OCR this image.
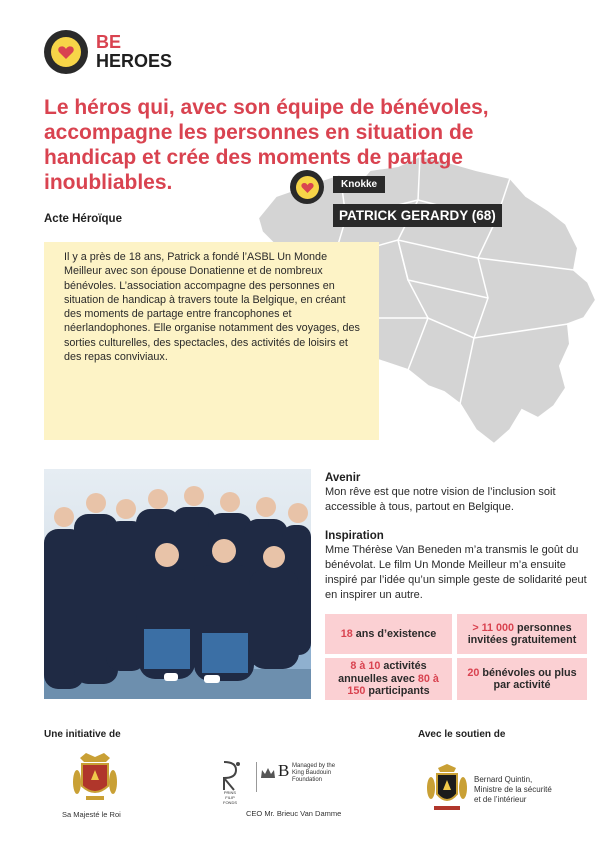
BE
HEROES
Le héros qui, avec son équipe de bénévoles, accompagne les personnes en situation de handicap et crée des moments de partage inoubliables.	Knokke
PATRICK GERARDY (68)
Acte Héroïque
Il y a près de 18 ans, Patrick a fondé l’ASBL Un Monde Meilleur avec son épouse Donatienne et de nombreux bénévoles. L’association accompagne des personnes en situation de handicap à travers toute la Belgique, en créant des moments de partage entre francophones et néerlandophones. Elle organise notamment des voyages, des sorties culturelles, des spectacles, des activités de loisirs et des repas conviviaux.
Avenir
Mon rêve est que notre vision de l’inclusion soit accessible à tous, partout en Belgique.
Inspiration
Mme Thérèse Van Beneden m’a transmis le goût du bénévolat. Le film Un Monde Meilleur m’a ensuite inspiré par l’idée qu’un simple geste de solidarité peut en inspirer un autre.
18 ans d’existence
> 11 000 personnes invitées gratuitement
8 à 10 activités annuelles avec 80 à 150 participants
20 bénévoles ou plus par activité
Une initiative de	Avec le soutien de
Sa Majesté le Roi
PRINS
FILIP
FONDS
B Managed by the
King Baudouin
Foundation
CEO Mr. Brieuc Van Damme
Bernard Quintin,
Ministre de la sécurité
et de l’intérieur
